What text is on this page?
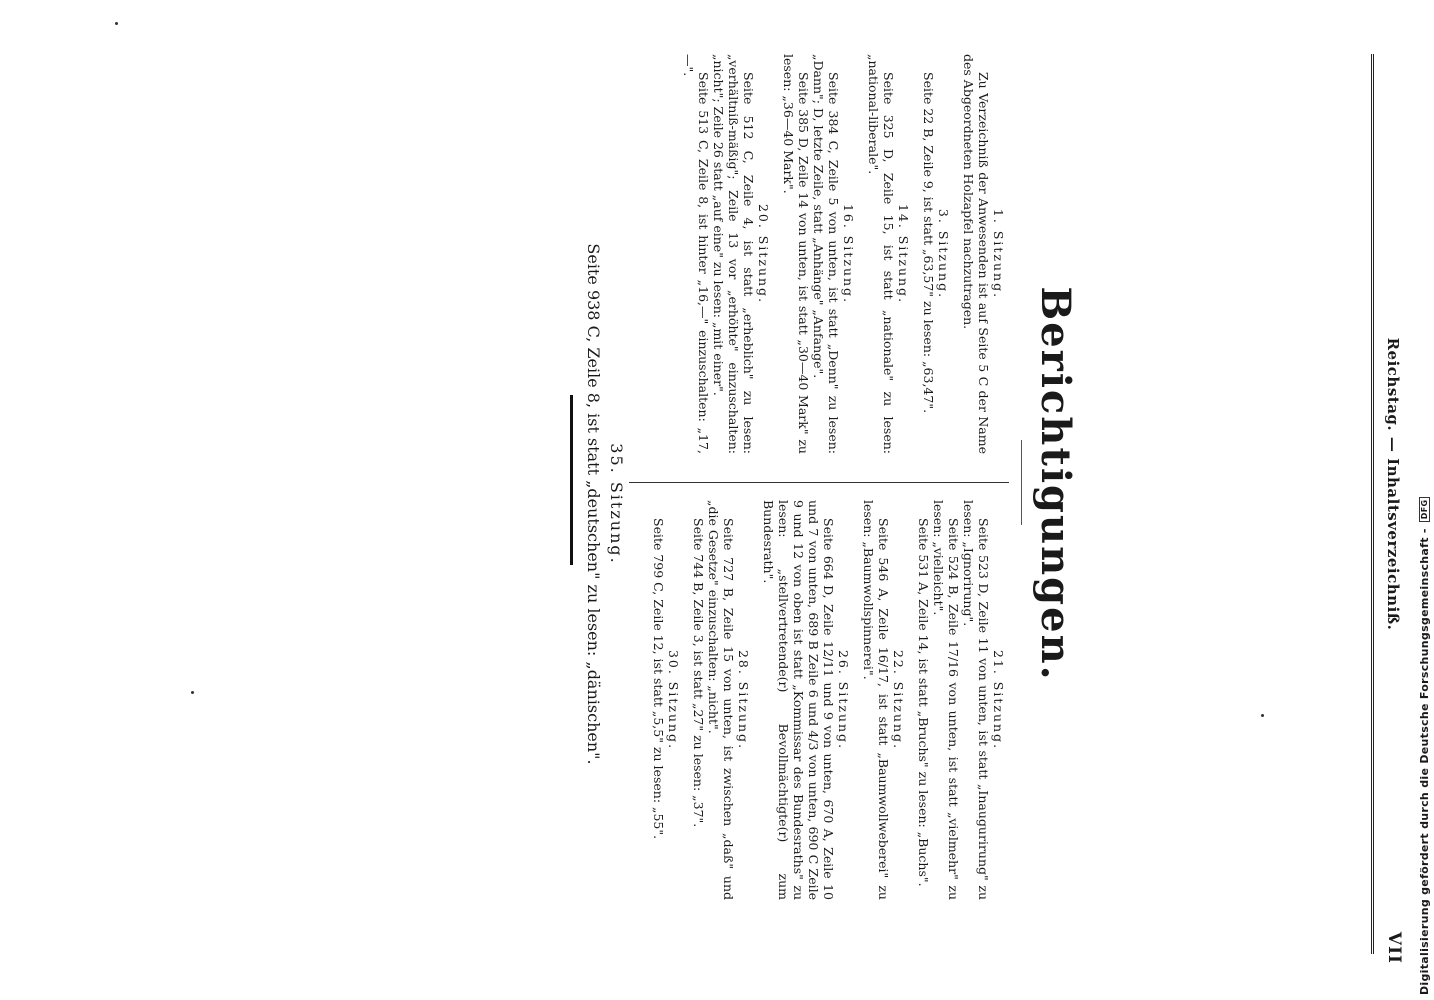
Reichstag. — Inhaltsverzeichniß.
VII
Berichtigungen.

1. Sitzung.

Zu Verzeichniß der Anwesenden ist auf Seite 5 C der Name des Abgeordneten Holzapfel nachzutragen.

3. Sitzung.

Seite 22 B, Zeile 9, ist statt „63,57" zu lesen: „63,47".

14. Sitzung.

Seite 325 D, Zeile 15, ist statt „nationale" zu lesen: „national-liberale".

16. Sitzung.

Seite 384 C, Zeile 5 von unten, ist statt „Denn" zu lesen: „Dann"; D, letzte Zeile, statt „Anhänge" „Anfange".

Seite 385 D, Zeile 14 von unten, ist statt „30—40 Mark" zu lesen: „36—40 Mark".

20. Sitzung.

Seite 512 C, Zeile 4, ist statt „erheblich" zu lesen: „verhältniß-mäßig"; Zeile 13 vor „erhöhte" einzuschalten: „nicht"; Zeile 26 statt „auf eine" zu lesen: „mit einer".

Seite 513 C, Zeile 8, ist hinter „16,—" einzuschalten: „17,—".

21. Sitzung.

Seite 523 D, Zeile 11 von unten, ist statt „Inaugurirung" zu lesen: „Ignorirung".

Seite 524 B, Zeile 17/16 von unten, ist statt „vielmehr" zu lesen: „vielleicht".

Seite 531 A, Zeile 14, ist statt „Bruchs" zu lesen: „Buchs".

22. Sitzung.

Seite 546 A, Zeile 16/17, ist statt „Baumwollweberei" zu lesen: „Baumwollspinnerei".

26. Sitzung.

Seite 664 D, Zeile 12/11 und 9 von unten, 670 A, Zeile 10 und 7 von unten, 689 B Zeile 6 und 4/3 von unten, 690 C Zeile 9 und 12 von oben ist statt „Kommissar des Bundesraths" zu lesen: „stellvertretende(r) Bevollmächtigte(r) zum Bundesrath".

28. Sitzung.

Seite 727 B, Zeile 15 von unten, ist zwischen „daß" und „die Gesetze" einzuschalten: „nicht".

Seite 744 B, Zeile 3, ist statt „27" zu lesen: „37".

30. Sitzung.

Seite 799 C, Zeile 12, ist statt „5,5" zu lesen: „55".

35. Sitzung.

Seite 938 C, Zeile 8, ist statt „deutschen" zu lesen: „dänischen".	Digitalisierung gefördert durch die Deutsche Forschungsgemeinschaft -
DFG
